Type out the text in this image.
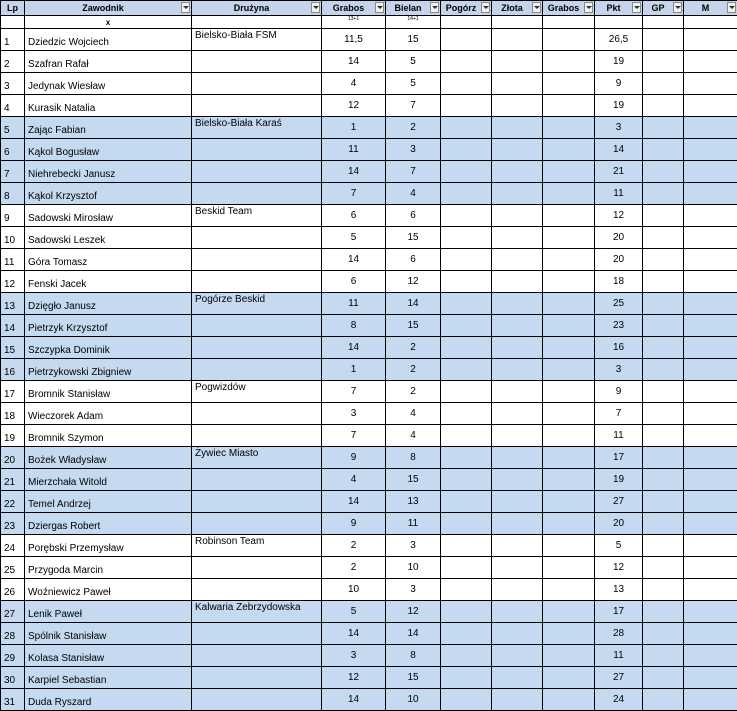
Lp	Zawodnik	Drużyna	Grabos	Bielan	Pogórz	Złota	Grabos	Pkt	GP	M

	x		13+1	14+1						
1	Dziedzic Wojciech	Bielsko-Biała FSM	11,5	15				26,5		
2	Szafran Rafał		14	5				19		
3	Jedynak Wiesław		4	5				9		
4	Kurasik Natalia		12	7				19		
5	Zając Fabian	Bielsko-Biała Karaś	1	2				3		
6	Kąkol Bogusław		11	3				14		
7	Niehrebecki Janusz		14	7				21		
8	Kąkol Krzysztof		7	4				11		
9	Sadowski Mirosław	Beskid Team	6	6				12		
10	Sadowski Leszek		5	15				20		
11	Góra Tomasz		14	6				20		
12	Fenski Jacek		6	12				18		
13	Dzięgło Janusz	Pogórze Beskid	11	14				25		
14	Pietrzyk Krzysztof		8	15				23		
15	Szczypka Dominik		14	2				16		
16	Pietrzykowski Zbigniew		1	2				3		
17	Bromnik Stanisław	Pogwizdów	7	2				9		
18	Wieczorek Adam		3	4				7		
19	Bromnik Szymon		7	4				11		
20	Bożek Władysław	Żywiec Miasto	9	8				17		
21	Mierzchała Witold		4	15				19		
22	Temel Andrzej		14	13				27		
23	Dziergas Robert		9	11				20		
24	Porębski Przemysław	Robinson Team	2	3				5		
25	Przygoda Marcin		2	10				12		
26	Woźniewicz Paweł		10	3				13		
27	Lenik Paweł	Kalwaria Zebrzydowska	5	12				17		
28	Spólnik Stanisław		14	14				28		
29	Kolasa Stanisław		3	8				11		
30	Karpiel Sebastian		12	15				27		
31	Duda Ryszard		14	10				24		
